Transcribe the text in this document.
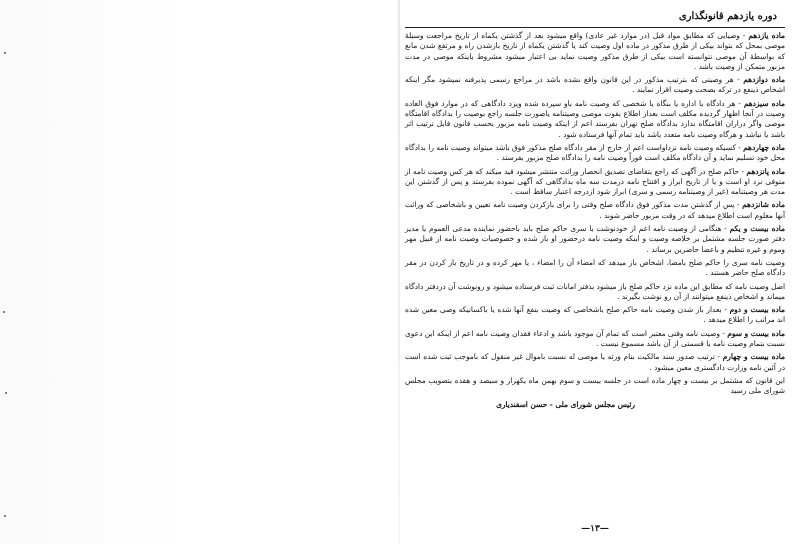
دوره یازدهم قانونگذاری

ماده یازدهم - وصیایی که مطابق مواد قبل (در موارد غیر عادی) واقع میشود بعد از گذشتن یکماه از تاریخ مراجعت وسیلهٔ موصی بمحل که بتواند بیکی از طرق مذکور در ماده اول وصیت کند یا گذشتن یکماه از تاریخ بازشدن راه و مرتفع شدن مانع که بواسطهٔ آن موصی نتوانسته است بیکی از طرق مذکور وصیت نماید بی اعتبار میشود مشروط باینکه موصی در مدت مزبور متمکن از وصیت باشد .

ماده دوازدهم - هر وصیتی که بترتیب مذکور در این قانون واقع نشده باشد در مراجع رسمی پذیرفته نمیشود مگر اینکه اشخاص ذینفع در ترکه بصحت وصیت اقرار نمایند .

ماده سیزدهم - هر دادگاه یا اداره یا بنگاه یا شخصی که وصیت نامه باو سپرده شده ویزد دادگاهی که در موارد فوق العاده وصیت در آنجا اظهار گردیده مکلف است بعداز اطلاع بفوت موصی وصیتنامه یاصورت جلسه راجع بوصیت را بدادگاه اقامتگاه موصی واگر دراران اقامتگاه ندارد بدادگاه صلح تهران بفرستد اعم از اینکه وصیت نامه مزبور بحسب قانون قابل ترتیب اثر باشد یا نباشد و هرگاه وصیت نامه متعدد باشد باید تمام آنها فرستاده شود .

ماده چهاردهم - کسیکه وصیت نامه نزداواست اعم از خارج از مقر دادگاه صلح مذکور فوق باشد میتواند وصیت نامه را بدادگاه محل خود تسلیم نماید و آن دادگاه مکلف است فوراً وصیت نامه را بدادگاه صلح مزبور بفرستد .

ماده پانزدهم - حاکم صلح در آگهی که راجع بتقاضای تصدیق انحصار وراثت منتشر میشود قید میکند که هر کس وصیت نامه از متوفی نزد او است و یا از تاریخ ابراز و افتتاح نامه درمدت سه ماه بدادگاهی که آگهی نموده بفرستد و پس از گذشتن این مدت هر وصیتنامه (غیر از وصیتنامه رسمی و سری) ابراز شود ازدرجه اعتبار ساقط است .

ماده شانزدهم - پس از گذشتن مدت مذکور فوق دادگاه صلح وقتی را برای بازکردن وصیت نامه تعیین و باشخاصی که وراثت آنها معلوم است اطلاع میدهد که در وقت مزبور حاضر شوند .

ماده بیست و یکم - هنگامی از وصیت نامه اعم از خودنوشت یا سری حاکم صلح باید باحضور نماینده مدعی العموم یا مدیر دفتر صورت جلسه مشتمل بر خلاصه وصیت و اینکه وصیت نامه درحضور او باز شده و خصوصیات وصیت نامه از قبیل مهر وموم و غیره تنظیم و باعضا حاضرین برساند .

وصیت نامه سری را حاکم صلح بامضا، اشخاص باز میدهد که امضاء آن را امضاء ، یا مهر کرده و در تاریخ باز کردن در مقر دادگاه صلح حاضر هستند .

اصل وصیت نامه که مطابق این ماده نزد حاکم صلح باز میشود بدفتر امانات ثبت فرستاده میشود و رونوشت آن دردفتر دادگاه میماند و اشخاص ذینفع میتوانند از آن رو نوشت بگیرند .

ماده بیست و دوم - بعداز باز شدن وصیت نامه حاکم صلح باشخاصی که وصیت بنفع آنها شده یا باکسانیکه وصی معین شده اند مراتب را اطلاع میدهد .

ماده بیست و سوم - وصیت نامه وقتی معتبر است که تمام آن موجود باشد و ادعاء فقدان وصیت نامه اعم از اینکه این دعوی نسبت بتمام وصیت نامه یا قسمتی از آن باشد مسموع نیست .

ماده بیست و چهارم - ترتیب صدور سند مالکیت بنام ورثه یا موصی له نسبت باموال غیر منقول که باموجب ثبت شده است در آئین نامه وزارت دادگستری معین میشود .

این قانون که مشتمل بر بیست و چهار ماده است در جلسه بیست و سوم بهمن ماه یکهزار و سیصد و هفده بتصویب مجلس شورای ملی رسید

رئیس مجلس شورای ملی - حسن اسفندیاری
—۱۳—
